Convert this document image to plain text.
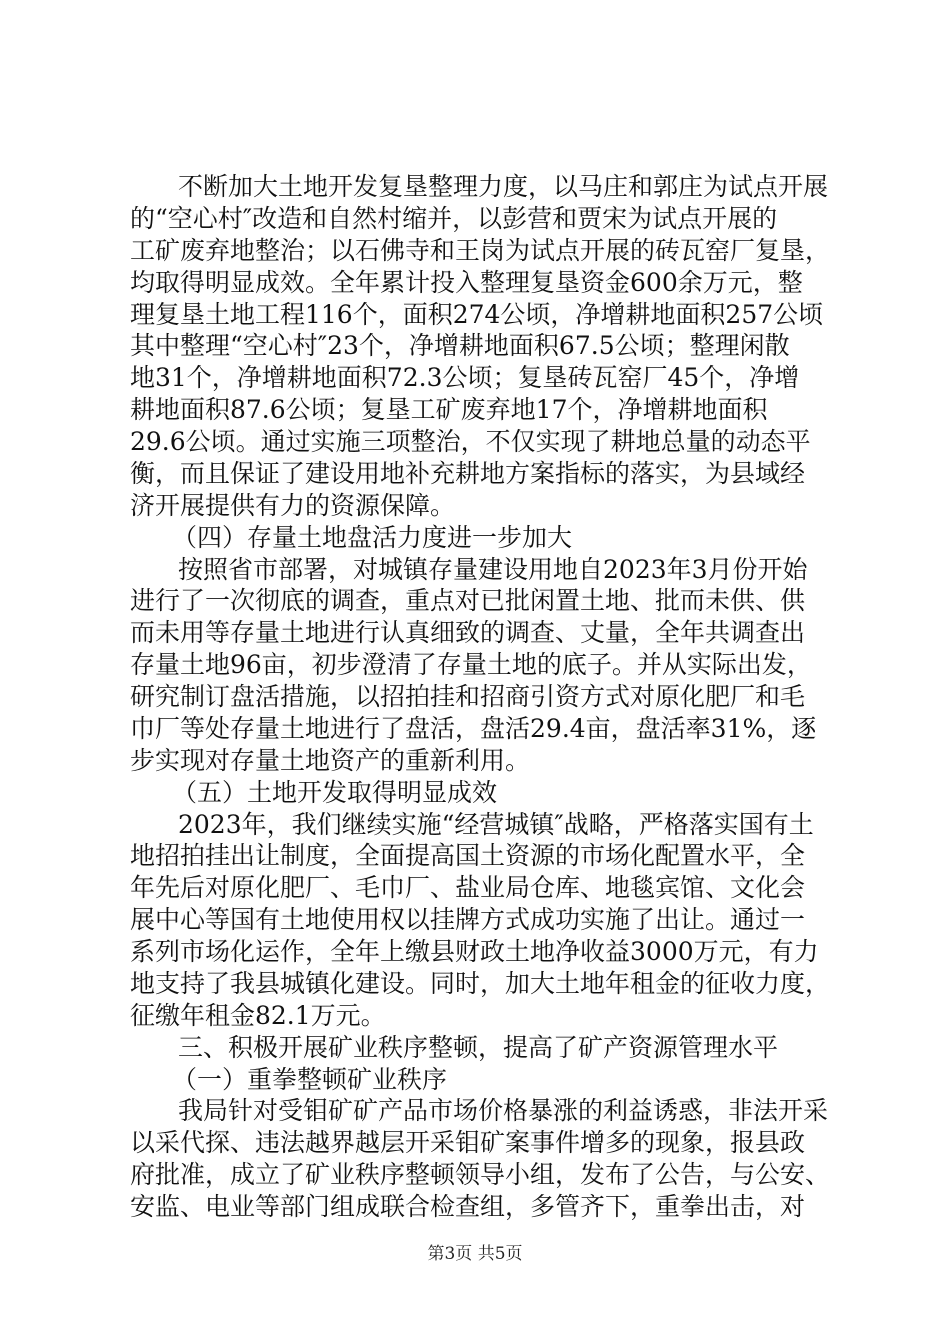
不断加大土地开发复垦整理力度，以马庄和郭庄为试点开展
的“空心村″改造和自然村缩并，以彭营和贾宋为试点开展的
工矿废弃地整治；以石佛寺和王岗为试点开展的砖瓦窑厂复垦，
均取得明显成效。全年累计投入整理复垦资金600余万元，整
理复垦土地工程116个，面积274公顷，净增耕地面积257公顷
其中整理“空心村″23个，净增耕地面积67.5公顷；整理闲散
地31个，净增耕地面积72.3公顷；复垦砖瓦窑厂45个，净增
耕地面积87.6公顷；复垦工矿废弃地17个，净增耕地面积
29.6公顷。通过实施三项整治，不仅实现了耕地总量的动态平
衡，而且保证了建设用地补充耕地方案指标的落实，为县域经
济开展提供有力的资源保障。
（四）存量土地盘活力度进一步加大
按照省市部署，对城镇存量建设用地自2023年3月份开始
进行了一次彻底的调查，重点对已批闲置土地、批而未供、供
而未用等存量土地进行认真细致的调查、丈量，全年共调查出
存量土地96亩，初步澄清了存量土地的底子。并从实际出发，
研究制订盘活措施，以招拍挂和招商引资方式对原化肥厂和毛
巾厂等处存量土地进行了盘活，盘活29.4亩，盘活率31%，逐
步实现对存量土地资产的重新利用。
（五）土地开发取得明显成效
2023年，我们继续实施“经营城镇″战略，严格落实国有土
地招拍挂出让制度，全面提高国土资源的市场化配置水平，全
年先后对原化肥厂、毛巾厂、盐业局仓库、地毯宾馆、文化会
展中心等国有土地使用权以挂牌方式成功实施了出让。通过一
系列市场化运作，全年上缴县财政土地净收益3000万元，有力
地支持了我县城镇化建设。同时，加大土地年租金的征收力度，
征缴年租金82.1万元。
三、积极开展矿业秩序整顿，提高了矿产资源管理水平
（一）重拳整顿矿业秩序
我局针对受钼矿矿产品市场价格暴涨的利益诱惑，非法开采
以采代探、违法越界越层开采钼矿案事件增多的现象，报县政
府批准，成立了矿业秩序整顿领导小组，发布了公告，与公安、
安监、电业等部门组成联合检查组，多管齐下，重拳出击，对
第3页 共5页
